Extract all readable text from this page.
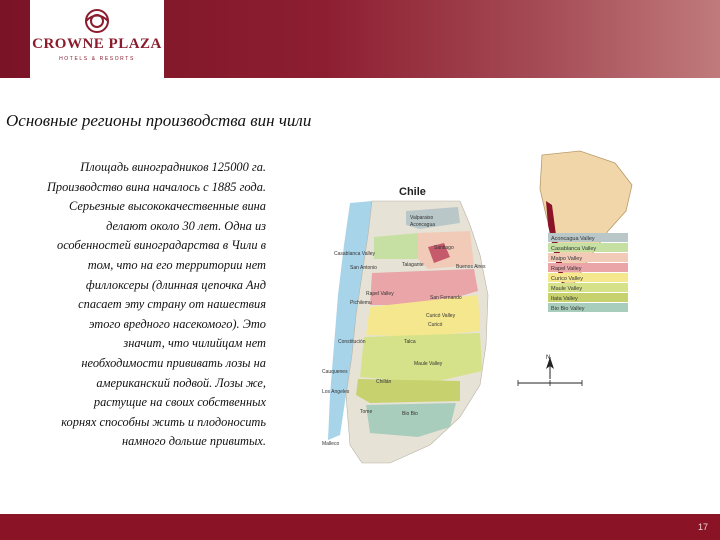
CROWNE PLAZA
HOTELS & RESORTS
Основные регионы производства вин чили
Площадь виноградников 125000 га.
Производство вина началось с 1885 года.
Серьезные высококачественные вина
делают около 30 лет. Одна из
особенностей виноградарства в Чили в
том, что на его территории нет
филлоксеры (длинная цепочка Анд
спасает эту страну от нашествия
этого вредного насекомого). Это
значит, что чилийцам нет
необходимости прививать лозы на
американский подвой. Лозы же,
растущие на своих собственных
корнях способны жить и плодоносить
намного дольше привитых.
Chile
Valparaiso
Aconcagua
Casablanca Valley
Santiago
Buenos Aires
San Antonio	Talagante
Rapel Valley
Pichilemu
San Fernando
Curicó Valley
Curicó
Constitución	Talca
Maule Valley
Cauquenes
Chillán
Tome	Bio Bio
Los Angeles
Malleco
Aconcagua Valley
Casablanca Valley
Maipo Valley
Rapel Valley
Curico Valley
Maule Valley
Itata Valley
Bio Bio Valley
N
17
